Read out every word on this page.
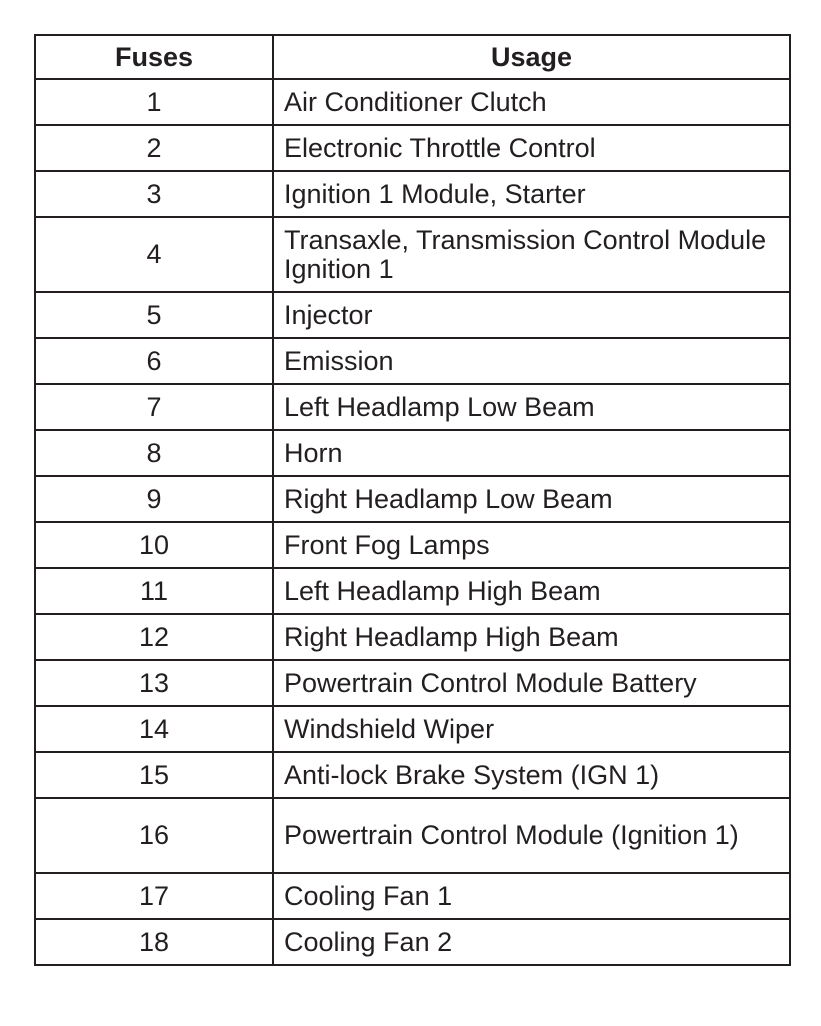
Fuses	Usage
1	Air Conditioner Clutch
2	Electronic Throttle Control
3	Ignition 1 Module, Starter
4	Transaxle, Transmission Control Module Ignition 1
5	Injector
6	Emission
7	Left Headlamp Low Beam
8	Horn
9	Right Headlamp Low Beam
10	Front Fog Lamps
11	Left Headlamp High Beam
12	Right Headlamp High Beam
13	Powertrain Control Module Battery
14	Windshield Wiper
15	Anti-lock Brake System (IGN 1)
16	Powertrain Control Module (Ignition 1)
17	Cooling Fan 1
18	Cooling Fan 2
